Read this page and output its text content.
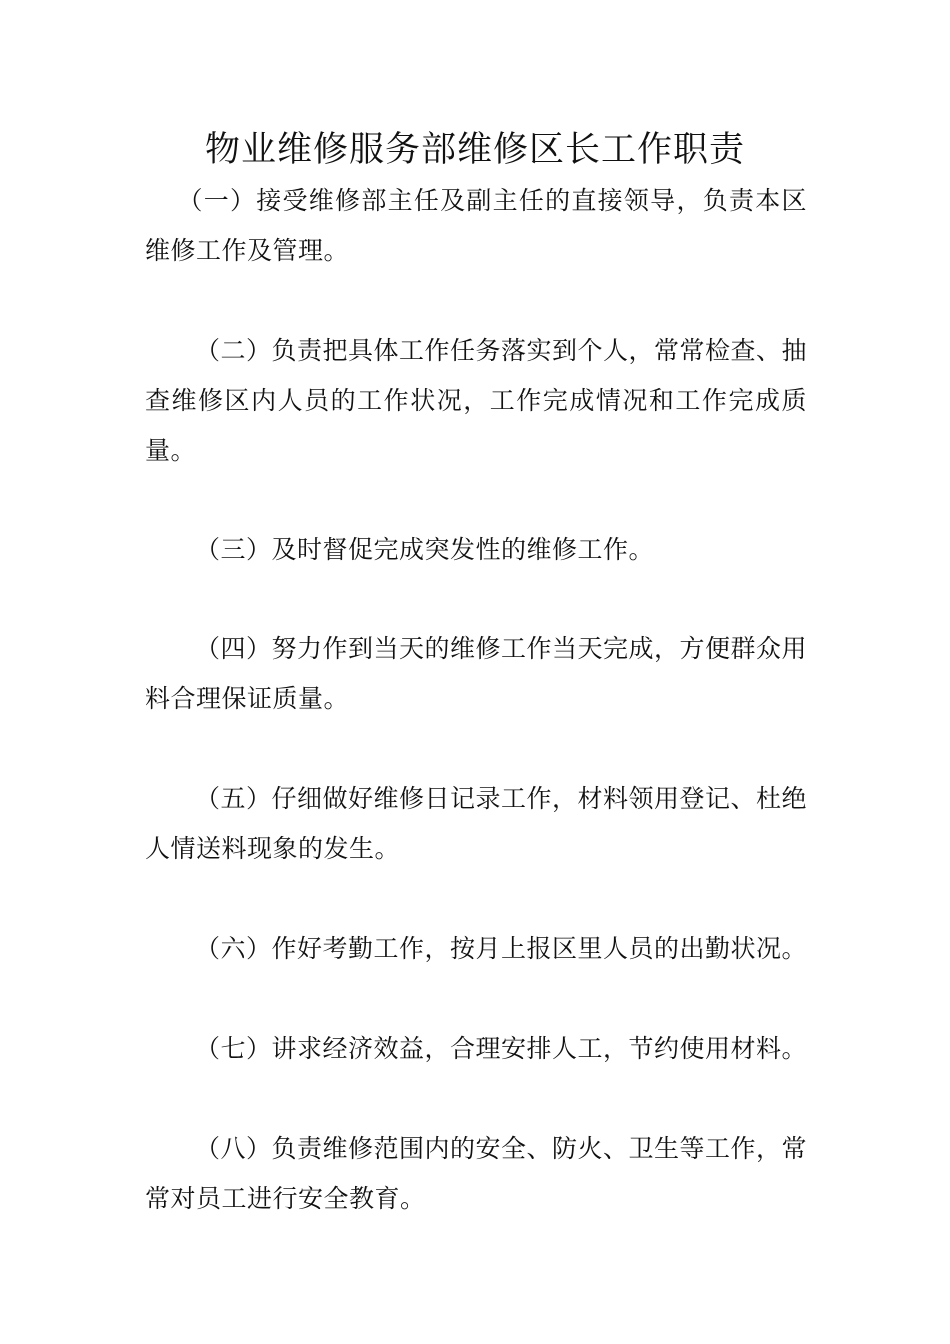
物业维修服务部维修区长工作职责

（一）接受维修部主任及副主任的直接领导，负责本区维修工作及管理。

（二）负责把具体工作任务落实到个人，常常检查、抽查维修区内人员的工作状况，工作完成情况和工作完成质量。

（三）及时督促完成突发性的维修工作。

（四）努力作到当天的维修工作当天完成，方便群众用料合理保证质量。

（五）仔细做好维修日记录工作，材料领用登记、杜绝人情送料现象的发生。

（六）作好考勤工作，按月上报区里人员的出勤状况。

（七）讲求经济效益，合理安排人工，节约使用材料。

（八）负责维修范围内的安全、防火、卫生等工作，常常对员工进行安全教育。
